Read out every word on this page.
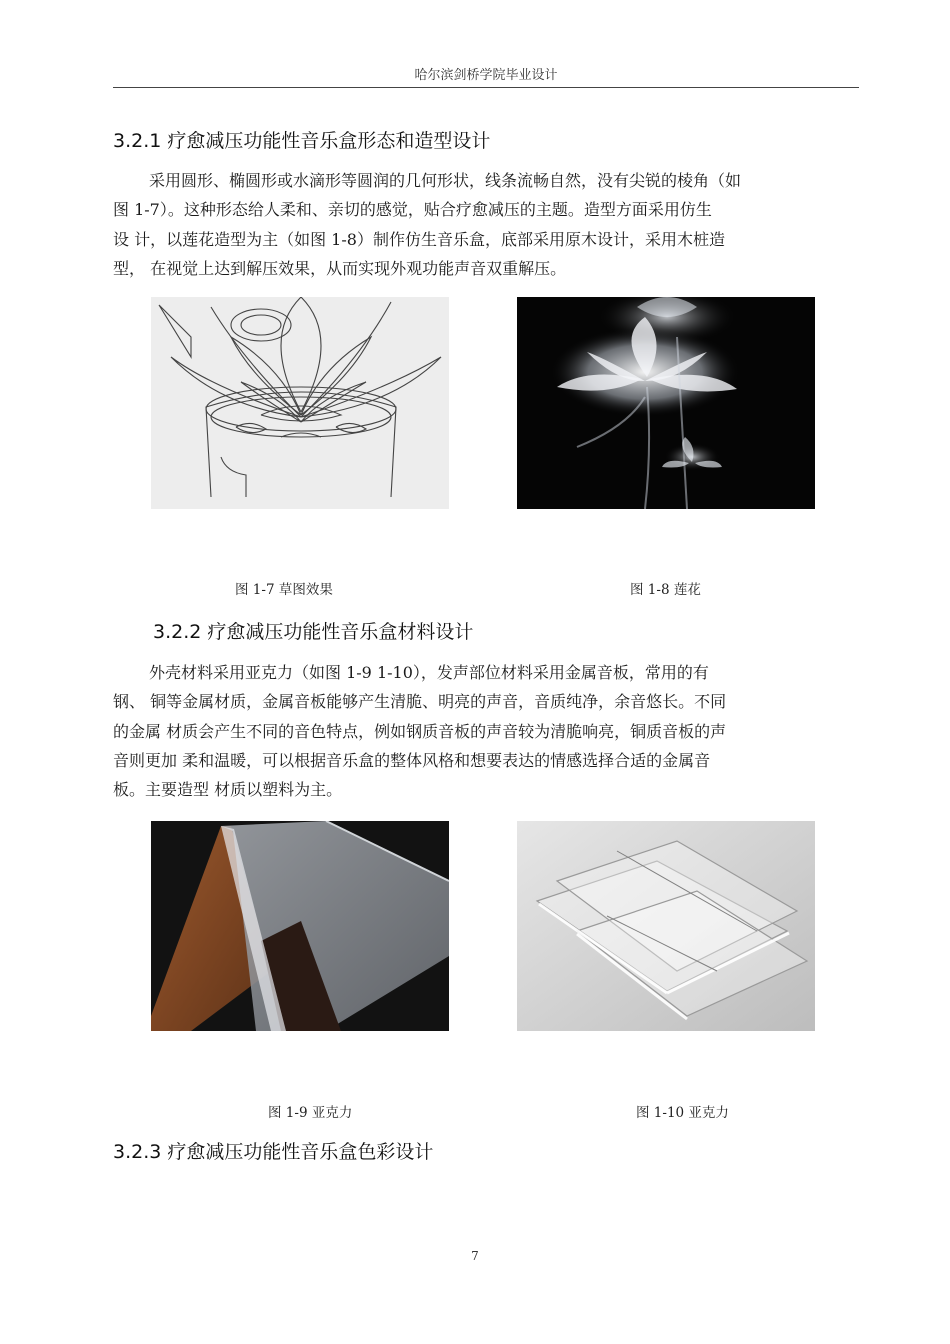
哈尔滨剑桥学院毕业设计
3.2.1 疗愈减压功能性音乐盒形态和造型设计
采用圆形、椭圆形或水滴形等圆润的几何形状，线条流畅自然，没有尖锐的棱角（如
图 1-7）。这种形态给人柔和、亲切的感觉，贴合疗愈减压的主题。造型方面采用仿生
设 计，以莲花造型为主（如图 1-8）制作仿生音乐盒，底部采用原木设计，采用木桩造
型， 在视觉上达到解压效果，从而实现外观功能声音双重解压。
图 1-7 草图效果	图 1-8 莲花
3.2.2 疗愈减压功能性音乐盒材料设计
外壳材料采用亚克力（如图 1-9 1-10），发声部位材料采用金属音板，常用的有
钢、 铜等金属材质，金属音板能够产生清脆、明亮的声音，音质纯净，余音悠长。不同
的金属 材质会产生不同的音色特点，例如钢质音板的声音较为清脆响亮，铜质音板的声
音则更加 柔和温暖，可以根据音乐盒的整体风格和想要表达的情感选择合适的金属音
板。主要造型 材质以塑料为主。
图 1-9 亚克力	图 1-10 亚克力
3.2.3 疗愈减压功能性音乐盒色彩设计
7
